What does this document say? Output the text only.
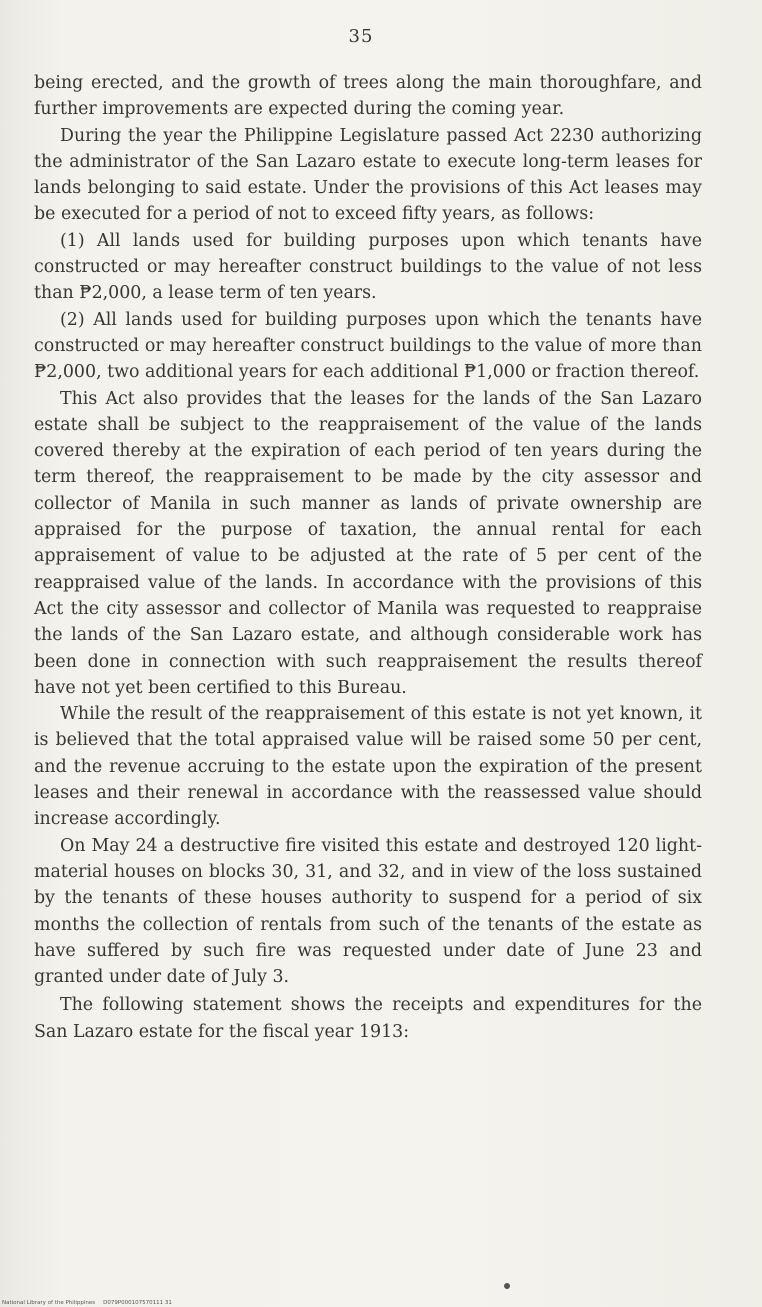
35

being erected, and the growth of trees along the main thoroughfare, and further improvements are expected during the coming year.

During the year the Philippine Legislature passed Act 2230 authorizing the administrator of the San Lazaro estate to execute long-term leases for lands belonging to said estate. Under the provisions of this Act leases may be executed for a period of not to exceed fifty years, as follows:

(1) All lands used for building purposes upon which tenants have constructed or may hereafter construct buildings to the value of not less than ₱2,000, a lease term of ten years.

(2) All lands used for building purposes upon which the tenants have constructed or may hereafter construct buildings to the value of more than ₱2,000, two additional years for each additional ₱1,000 or fraction thereof.

This Act also provides that the leases for the lands of the San Lazaro estate shall be subject to the reappraisement of the value of the lands covered thereby at the expiration of each period of ten years during the term thereof, the reappraisement to be made by the city assessor and collector of Manila in such manner as lands of private ownership are appraised for the purpose of taxation, the annual rental for each appraisement of value to be adjusted at the rate of 5 per cent of the reappraised value of the lands. In accordance with the provisions of this Act the city assessor and collector of Manila was requested to reappraise the lands of the San Lazaro estate, and although considerable work has been done in connection with such reappraisement the results thereof have not yet been certified to this Bureau.

While the result of the reappraisement of this estate is not yet known, it is believed that the total appraised value will be raised some 50 per cent, and the revenue accruing to the estate upon the expiration of the present leases and their renewal in accordance with the reassessed value should increase accordingly.

On May 24 a destructive fire visited this estate and destroyed 120 light-material houses on blocks 30, 31, and 32, and in view of the loss sustained by the tenants of these houses authority to suspend for a period of six months the collection of rentals from such of the tenants of the estate as have suffered by such fire was requested under date of June 23 and granted under date of July 3.

The following statement shows the receipts and expenditures for the San Lazaro estate for the fiscal year 1913:

National Library of the Philippines D079P000107570111 31
